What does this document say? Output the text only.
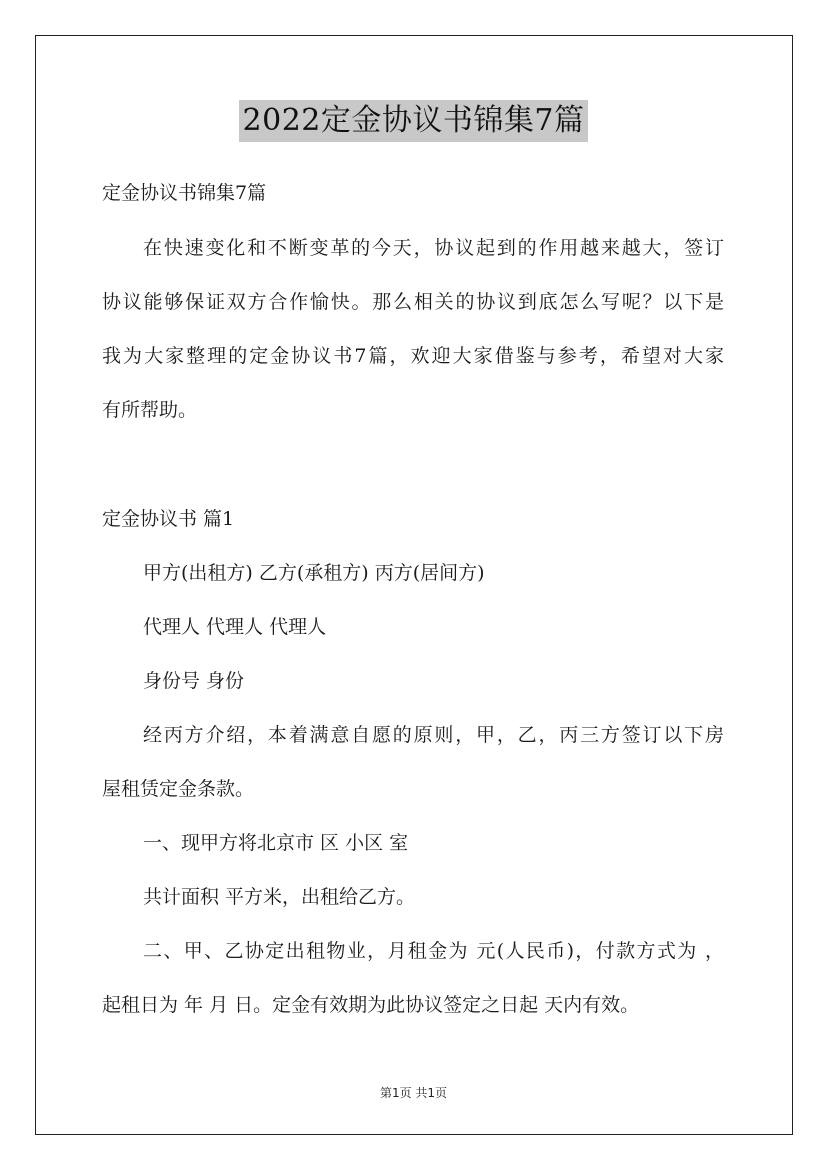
2022定金协议书锦集7篇
定金协议书锦集7篇
在快速变化和不断变革的今天，协议起到的作用越来越大，签订
协议能够保证双方合作愉快。那么相关的协议到底怎么写呢？以下是
我为大家整理的定金协议书7篇，欢迎大家借鉴与参考，希望对大家
有所帮助。
定金协议书 篇1
甲方(出租方) 乙方(承租方) 丙方(居间方)
代理人 代理人 代理人
身份号 身份
经丙方介绍，本着满意自愿的原则，甲，乙，丙三方签订以下房
屋租赁定金条款。
一、现甲方将北京市 区 小区 室
共计面积 平方米，出租给乙方。
二、甲、乙协定出租物业，月租金为 元(人民币)，付款方式为 ，
起租日为 年 月 日。定金有效期为此协议签定之日起 天内有效。
第1页 共1页
